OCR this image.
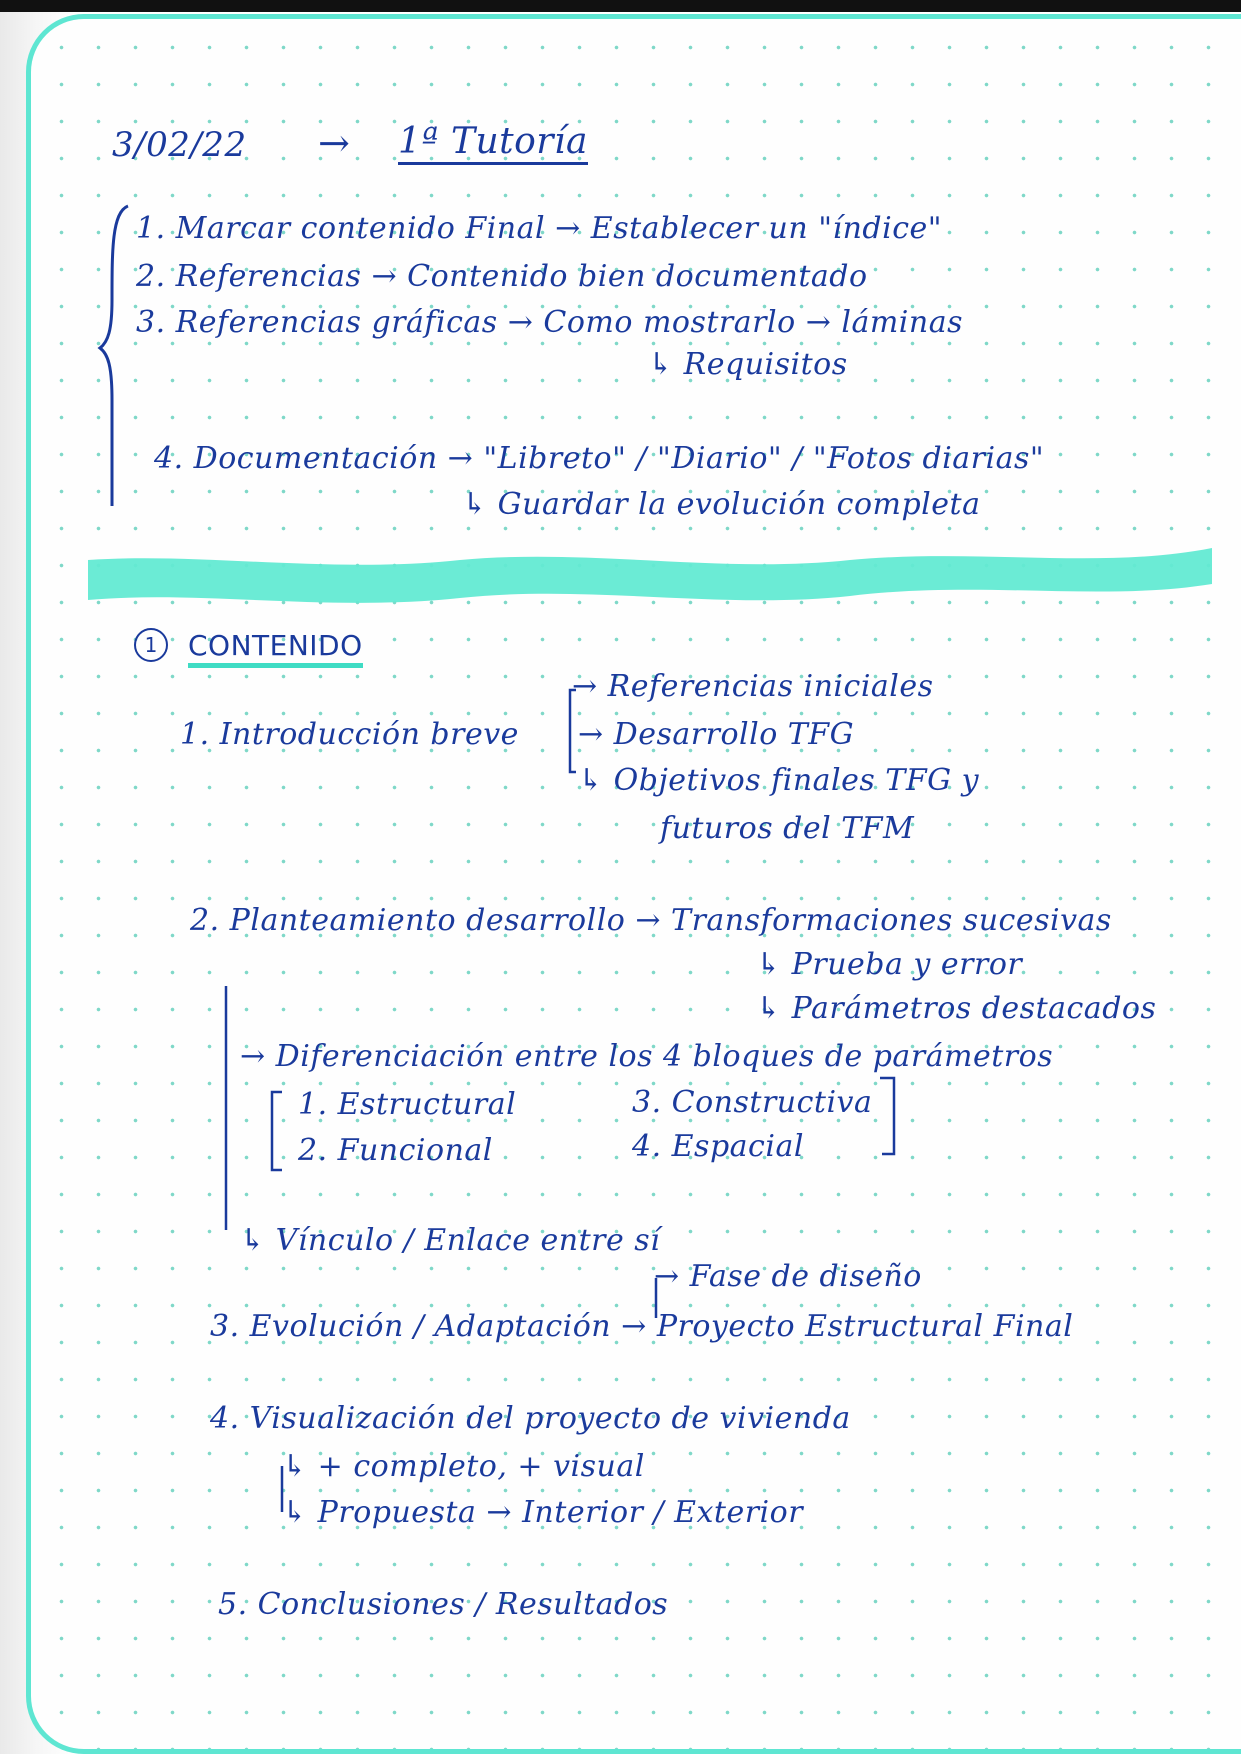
3/02/22 → 1ª Tutoría
1. Marcar contenido Final → Establecer un "índice"
2. Referencias → Contenido bien documentado
3. Referencias gráficas → Como mostrarlo → láminas
↳ Requisitos
4. Documentación → "Libreto" / "Diario" / "Fotos diarias"
↳ Guardar la evolución completa
1 CONTENIDO
1. Introducción breve
→ Referencias iniciales
→ Desarrollo TFG
↳ Objetivos finales TFG y
futuros del TFM
2. Planteamiento desarrollo → Transformaciones sucesivas
↳ Prueba y error
↳ Parámetros destacados
→ Diferenciación entre los 4 bloques de parámetros
1. Estructural
2. Funcional
3. Constructiva
4. Espacial
↳ Vínculo / Enlace entre sí
→ Fase de diseño
3. Evolución / Adaptación → Proyecto Estructural Final
4. Visualización del proyecto de vivienda
↳ + completo, + visual
↳ Propuesta → Interior / Exterior
5. Conclusiones / Resultados
